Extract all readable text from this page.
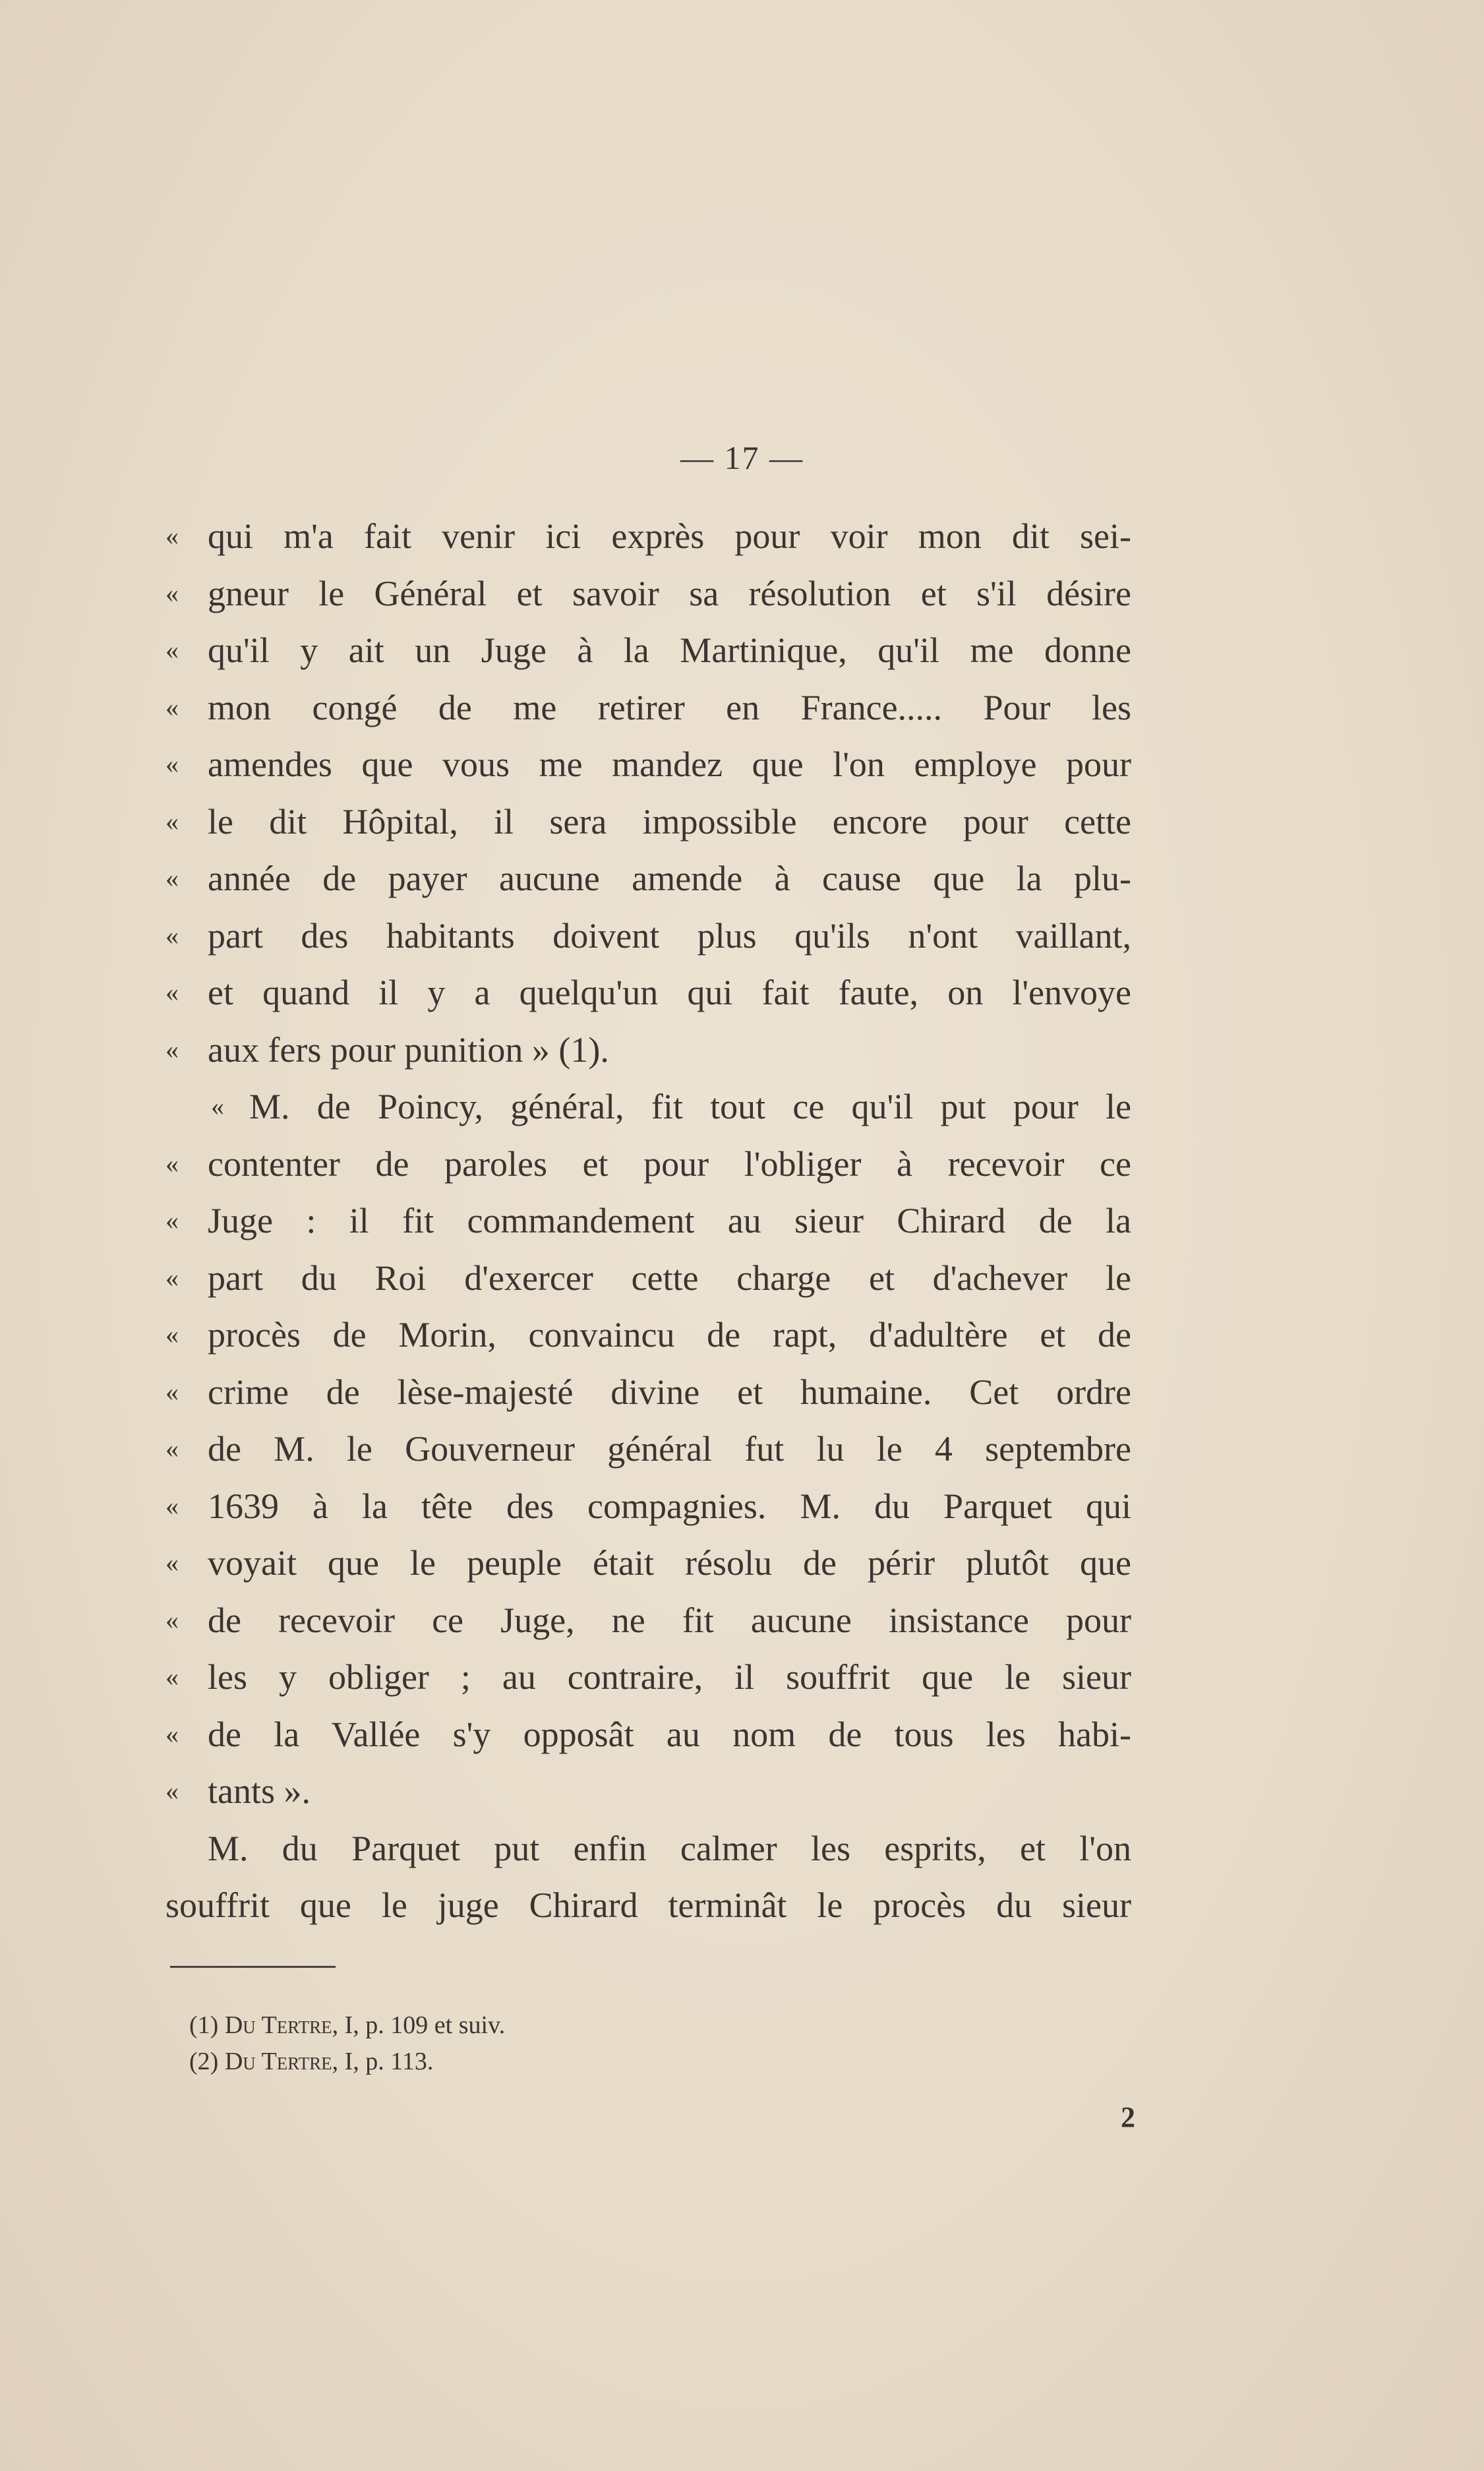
— 17 —
« qui m'a fait venir ici exprès pour voir mon dit sei-
« gneur le Général et savoir sa résolution et s'il désire
« qu'il y ait un Juge à la Martinique, qu'il me donne
« mon congé de me retirer en France..... Pour les
« amendes que vous me mandez que l'on employe pour
« le dit Hôpital, il sera impossible encore pour cette
« année de payer aucune amende à cause que la plu-
« part des habitants doivent plus qu'ils n'ont vaillant,
« et quand il y a quelqu'un qui fait faute, on l'envoye
« aux fers pour punition » (1).
« M. de Poincy, général, fit tout ce qu'il put pour le
« contenter de paroles et pour l'obliger à recevoir ce
« Juge : il fit commandement au sieur Chirard de la
« part du Roi d'exercer cette charge et d'achever le
« procès de Morin, convaincu de rapt, d'adultère et de
« crime de lèse-majesté divine et humaine. Cet ordre
« de M. le Gouverneur général fut lu le 4 septembre
« 1639 à la tête des compagnies. M. du Parquet qui
« voyait que le peuple était résolu de périr plutôt que
« de recevoir ce Juge, ne fit aucune insistance pour
« les y obliger ; au contraire, il souffrit que le sieur
« de la Vallée s'y opposât au nom de tous les habi-
« tants ».
M. du Parquet put enfin calmer les esprits, et l'on
souffrit que le juge Chirard terminât le procès du sieur
(1) Du Tertre, I, p. 109 et suiv.
(2) Du Tertre, I, p. 113.
2
